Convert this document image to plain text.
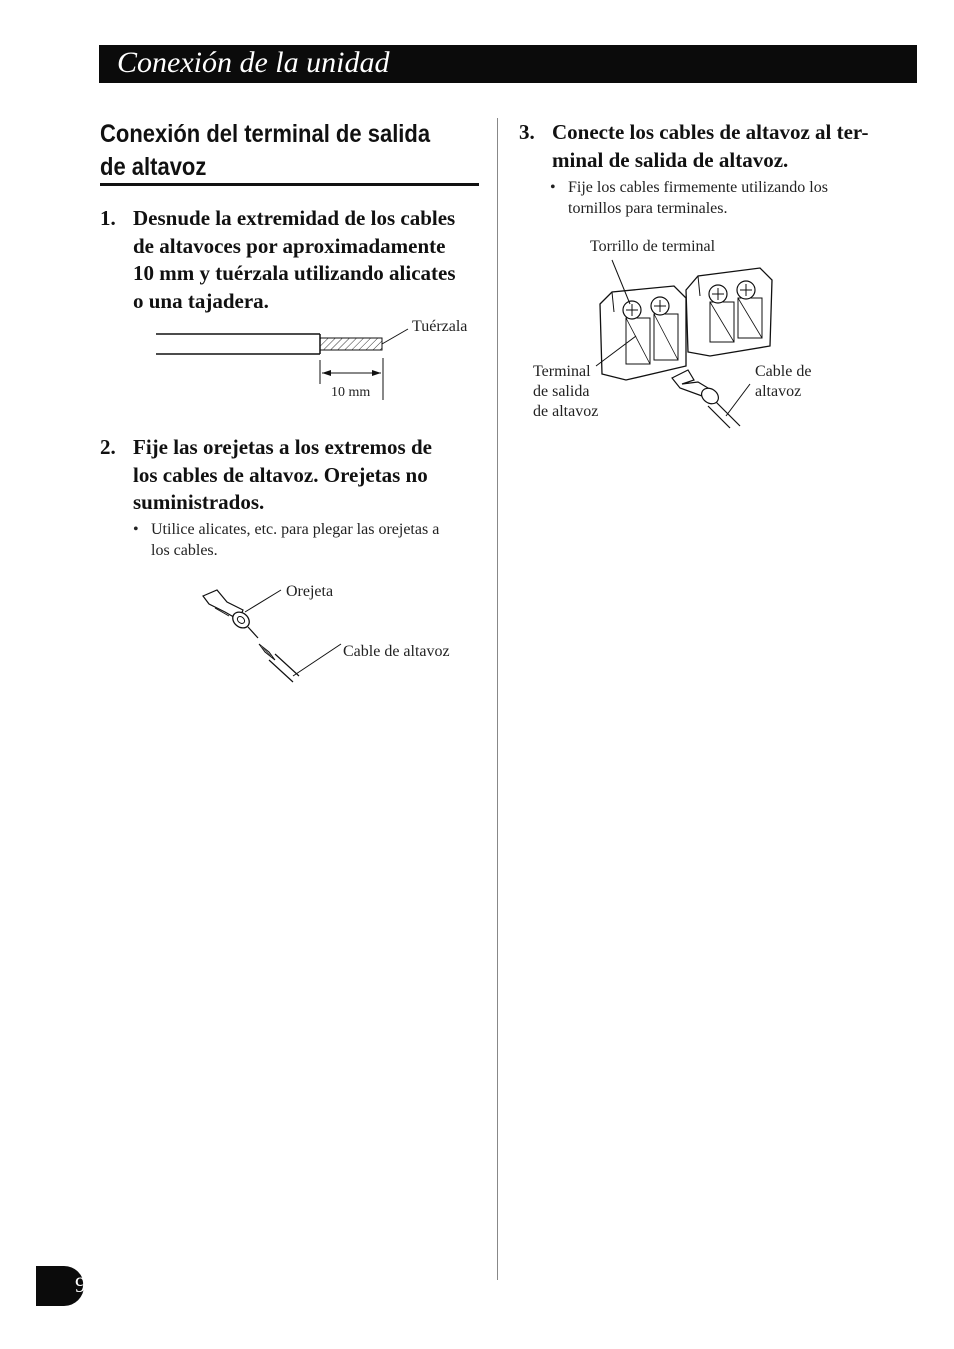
Conexión de la unidad
Conexión del terminal de salida
de altavoz
1. Desnude la extremidad de los cables
de altavoces por aproximadamente
10 mm y tuérzala utilizando alicates
o una tajadera.
Tuérzala
10 mm
2. Fije las orejetas a los extremos de
los cables de altavoz. Orejetas no
suministrados.
• Utilice alicates, etc. para plegar las orejetas a
los cables.
Orejeta
Cable de altavoz
3. Conecte los cables de altavoz al ter-
minal de salida de altavoz.
• Fije los cables firmemente utilizando los
tornillos para terminales.
Torrillo de terminal
Terminal
de salida
de altavoz
Cable de
altavoz
9
